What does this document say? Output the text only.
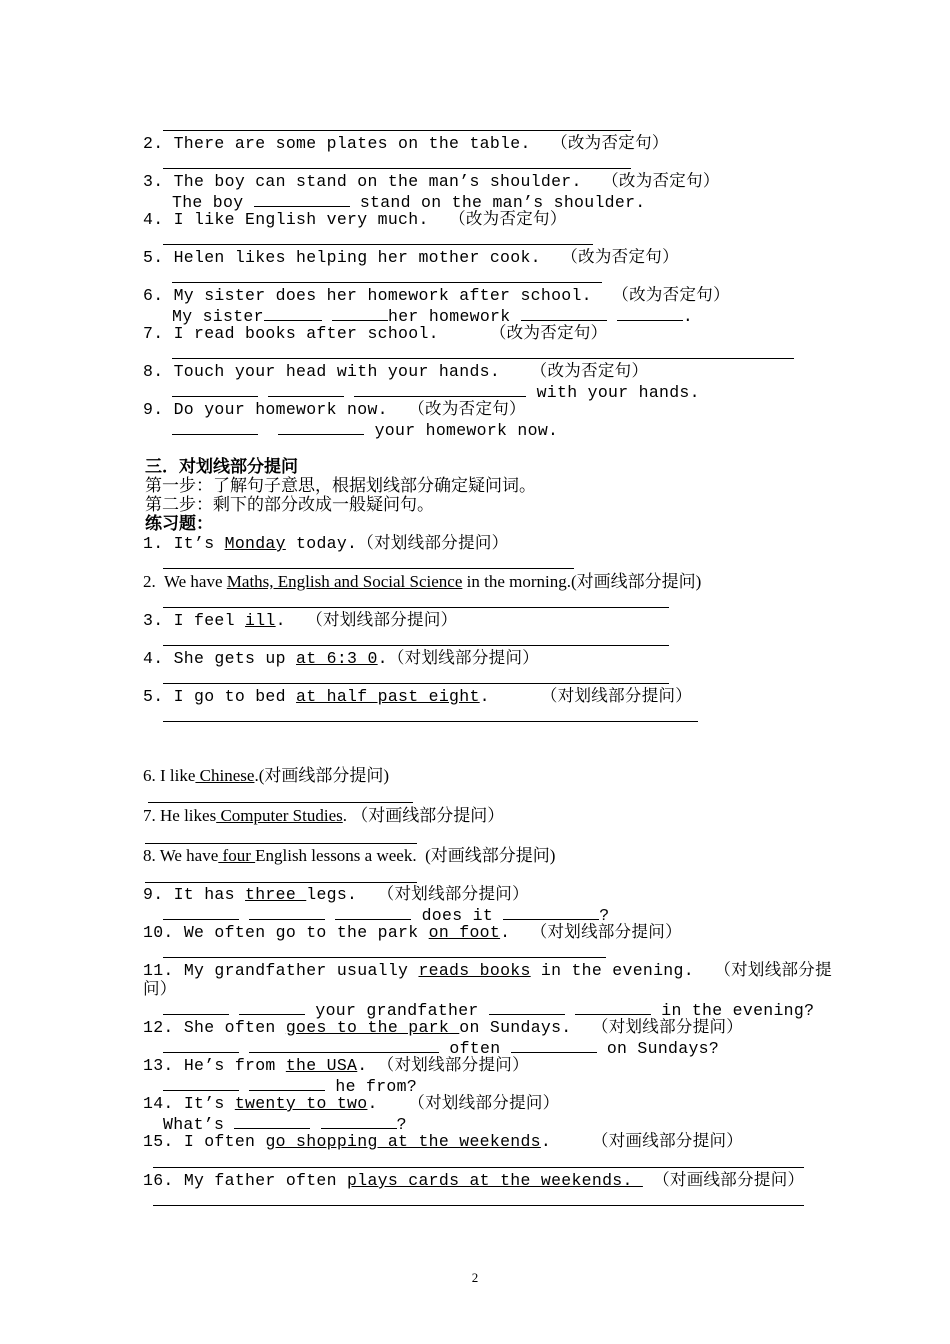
2. There are some plates on the table. （改为否定句）
3. The boy can stand on the man’s shoulder. （改为否定句）
The boy	stand on the man’s shoulder.
4. I like English very much. （改为否定句）
5. Helen likes helping her mother cook. （改为否定句）
6. My sister does her homework after school. （改为否定句）
My sister	her homework	.
7. I read books after school.	（改为否定句）
8. Touch your head with your hands. （改为否定句）
with your hands.
9. Do your homework now. （改为否定句）
your homework now.
三．对划线部分提问
第一步：了解句子意思，根据划线部分确定疑问词。
第二步：剩下的部分改成一般疑问句。
练习题：
1. It’s Monday today.（对划线部分提问）
2. We have Maths, English and Social Science in the morning.(对画线部分提问)
3. I feel ill. （对划线部分提问）
4. She gets up at 6:3 0.（对划线部分提问）
5. I go to bed at half past eight.	（对划线部分提问）
6. I like Chinese.(对画线部分提问)
7. He likes Computer Studies. （对画线部分提问）
8. We have four English lessons a week. (对画线部分提问)
9. It has three legs. （对划线部分提问）
does it	?
10. We often go to the park on foot. （对划线部分提问）
11. My grandfather usually reads books in the evening. （对划线部分提
问）
your grandfather	in the evening?
12. She often goes to the park on Sundays. （对划线部分提问）
often	on Sundays?
13. He’s from the USA. （对划线部分提问）
he from?
14. It’s twenty to two. （对划线部分提问）
What’s	?
15. I often go shopping at the weekends. （对画线部分提问）
16. My father often plays cards at the weekends.  （对画线部分提问）
2
